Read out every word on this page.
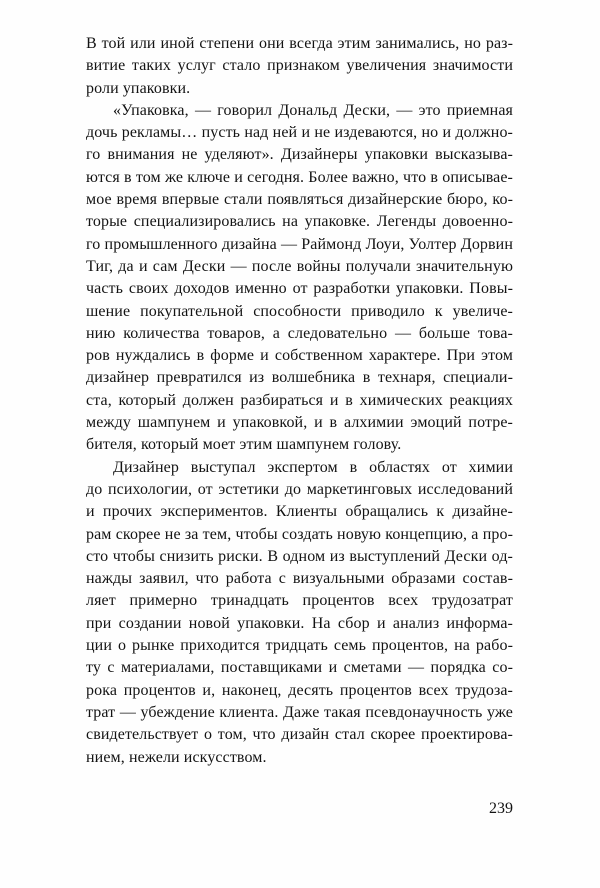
В той или иной степени они всегда этим занимались, но раз-
витие таких услуг стало признаком увеличения значимости
роли упаковки.
«Упаковка, — говорил Дональд Дески, — это приемная
дочь рекламы… пусть над ней и не издеваются, но и должно-
го внимания не уделяют». Дизайнеры упаковки высказыва-
ются в том же ключе и сегодня. Более важно, что в описывае-
мое время впервые стали появляться дизайнерские бюро, ко-
торые специализировались на упаковке. Легенды довоенно-
го промышленного дизайна — Раймонд Лоуи, Уолтер Дорвин
Тиг, да и сам Дески — после войны получали значительную
часть своих доходов именно от разработки упаковки. Повы-
шение покупательной способности приводило к увеличе-
нию количества товаров, а следовательно — больше това-
ров нуждались в форме и собственном характере. При этом
дизайнер превратился из волшебника в технаря, специали-
ста, который должен разбираться и в химических реакциях
между шампунем и упаковкой, и в алхимии эмоций потре-
бителя, который моет этим шампунем голову.
Дизайнер выступал экспертом в областях от химии
до психологии, от эстетики до маркетинговых исследований
и прочих экспериментов. Клиенты обращались к дизайне-
рам скорее не за тем, чтобы создать новую концепцию, а про-
сто чтобы снизить риски. В одном из выступлений Дески од-
нажды заявил, что работа с визуальными образами состав-
ляет примерно тринадцать процентов всех трудозатрат
при создании новой упаковки. На сбор и анализ информа-
ции о рынке приходится тридцать семь процентов, на рабо-
ту с материалами, поставщиками и сметами — порядка со-
рока процентов и, наконец, десять процентов всех трудоза-
трат — убеждение клиента. Даже такая псевдонаучность уже
свидетельствует о том, что дизайн стал скорее проектирова-
нием, нежели искусством.
239
